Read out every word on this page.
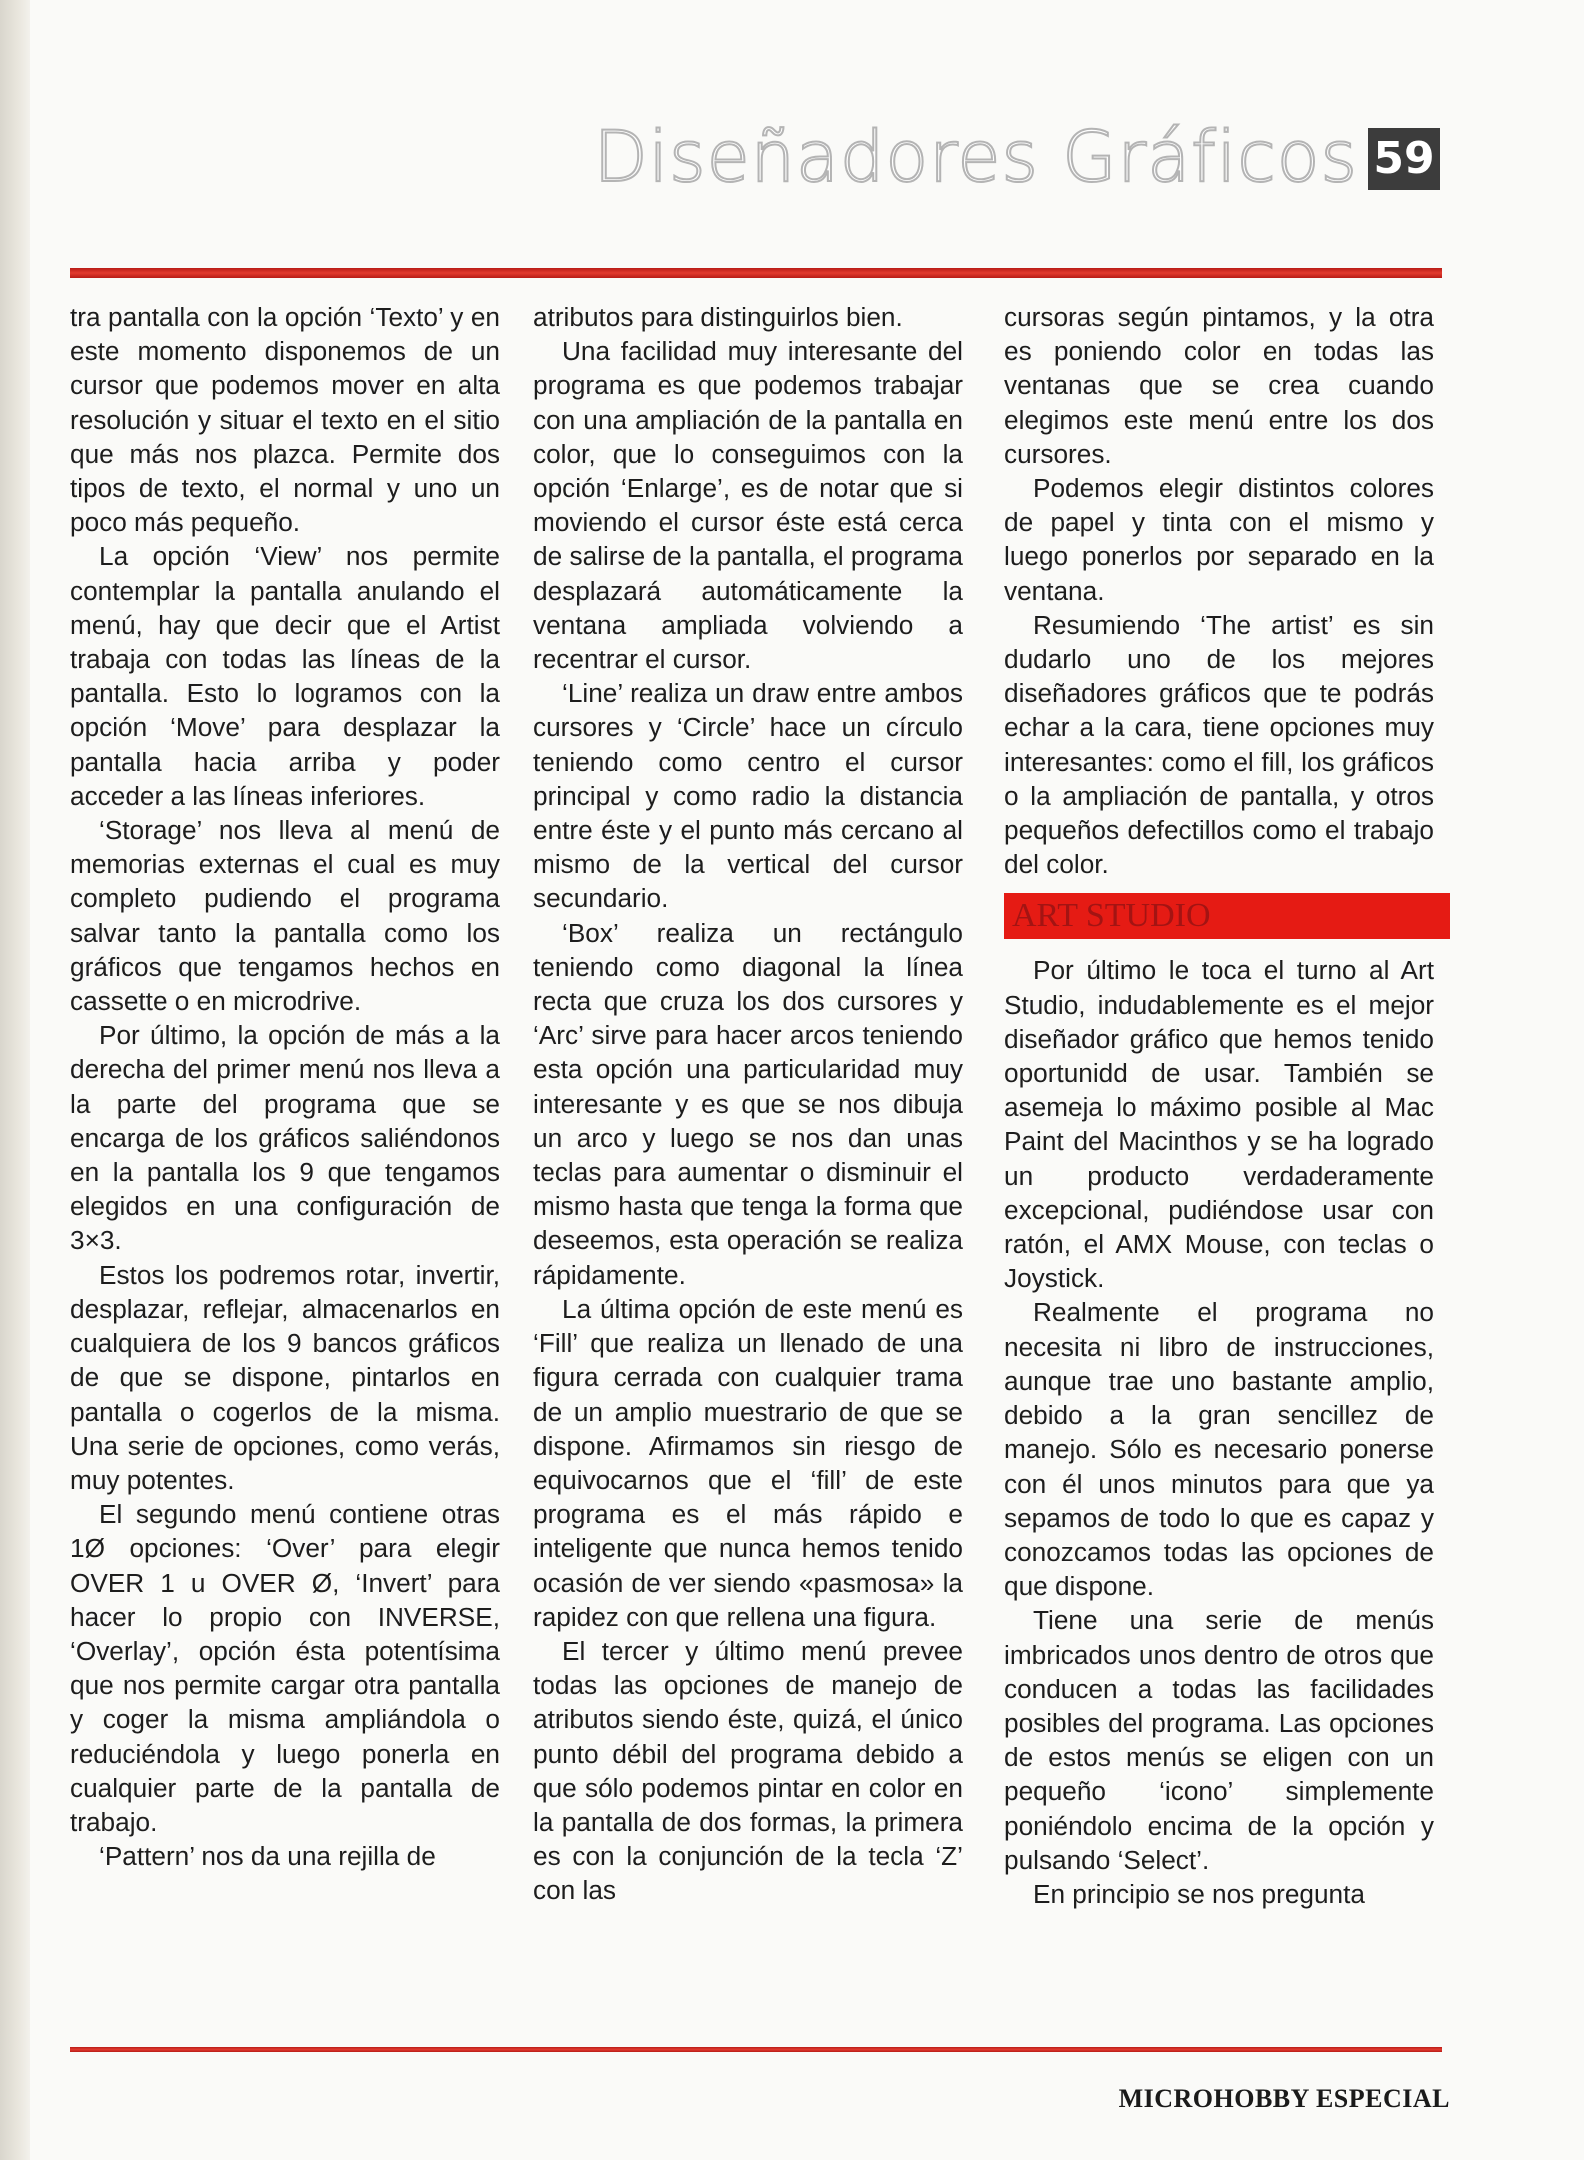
Diseñadores Gráficos 59

tra pantalla con la opción ‘Texto’ y en este momento disponemos de un cursor que podemos mover en alta resolución y situar el texto en el sitio que más nos plazca. Permite dos tipos de texto, el normal y uno un poco más pequeño.

La opción ‘View’ nos permite contemplar la pantalla anulando el menú, hay que decir que el Artist trabaja con todas las líneas de la pantalla. Esto lo logramos con la opción ‘Move’ para desplazar la pantalla hacia arriba y poder acceder a las líneas inferiores.

‘Storage’ nos lleva al menú de memorias externas el cual es muy completo pudiendo el programa salvar tanto la pantalla como los gráficos que tengamos hechos en cassette o en microdrive.

Por último, la opción de más a la derecha del primer menú nos lleva a la parte del programa que se encarga de los gráficos saliéndonos en la pantalla los 9 que tengamos elegidos en una configuración de 3×3.

Estos los podremos rotar, invertir, desplazar, reflejar, almacenarlos en cualquiera de los 9 bancos gráficos de que se dispone, pintarlos en pantalla o cogerlos de la misma. Una serie de opciones, como verás, muy potentes.

El segundo menú contiene otras 1Ø opciones: ‘Over’ para elegir OVER 1 u OVER Ø, ‘Invert’ para hacer lo propio con INVERSE, ‘Overlay’, opción ésta potentísima que nos permite cargar otra pantalla y coger la misma ampliándola o reduciéndola y luego ponerla en cualquier parte de la pantalla de trabajo.

‘Pattern’ nos da una rejilla de

atributos para distinguirlos bien.

Una facilidad muy interesante del programa es que podemos trabajar con una ampliación de la pantalla en color, que lo conseguimos con la opción ‘Enlarge’, es de notar que si moviendo el cursor éste está cerca de salirse de la pantalla, el programa desplazará automáticamente la ventana ampliada volviendo a recentrar el cursor.

‘Line’ realiza un draw entre ambos cursores y ‘Circle’ hace un círculo teniendo como centro el cursor principal y como radio la distancia entre éste y el punto más cercano al mismo de la vertical del cursor secundario.

‘Box’ realiza un rectángulo teniendo como diagonal la línea recta que cruza los dos cursores y ‘Arc’ sirve para hacer arcos teniendo esta opción una particularidad muy interesante y es que se nos dibuja un arco y luego se nos dan unas teclas para aumentar o disminuir el mismo hasta que tenga la forma que deseemos, esta operación se realiza rápidamente.

La última opción de este menú es ‘Fill’ que realiza un llenado de una figura cerrada con cualquier trama de un amplio muestrario de que se dispone. Afirmamos sin riesgo de equivocarnos que el ‘fill’ de este programa es el más rápido e inteligente que nunca hemos tenido ocasión de ver siendo «pasmosa» la rapidez con que rellena una figura.

El tercer y último menú prevee todas las opciones de manejo de atributos siendo éste, quizá, el único punto débil del programa debido a que sólo podemos pintar en color en la pantalla de dos formas, la primera es con la conjunción de la tecla ‘Z’ con las

cursoras según pintamos, y la otra es poniendo color en todas las ventanas que se crea cuando elegimos este menú entre los dos cursores.

Podemos elegir distintos colores de papel y tinta con el mismo y luego ponerlos por separado en la ventana.

Resumiendo ‘The artist’ es sin dudarlo uno de los mejores diseñadores gráficos que te podrás echar a la cara, tiene opciones muy interesantes: como el fill, los gráficos o la ampliación de pantalla, y otros pequeños defectillos como el trabajo del color.

ART STUDIO

Por último le toca el turno al Art Studio, indudablemente es el mejor diseñador gráfico que hemos tenido oportunidd de usar. También se asemeja lo máximo posible al Mac Paint del Macinthos y se ha logrado un producto verdaderamente excepcional, pudiéndose usar con ratón, el AMX Mouse, con teclas o Joystick.

Realmente el programa no necesita ni libro de instrucciones, aunque trae uno bastante amplio, debido a la gran sencillez de manejo. Sólo es necesario ponerse con él unos minutos para que ya sepamos de todo lo que es capaz y conozcamos todas las opciones de que dispone.

Tiene una serie de menús imbricados unos dentro de otros que conducen a todas las facilidades posibles del programa. Las opciones de estos menús se eligen con un pequeño ‘icono’ simplemente poniéndolo encima de la opción y pulsando ‘Select’.

En principio se nos pregunta

MICROHOBBY ESPECIAL
